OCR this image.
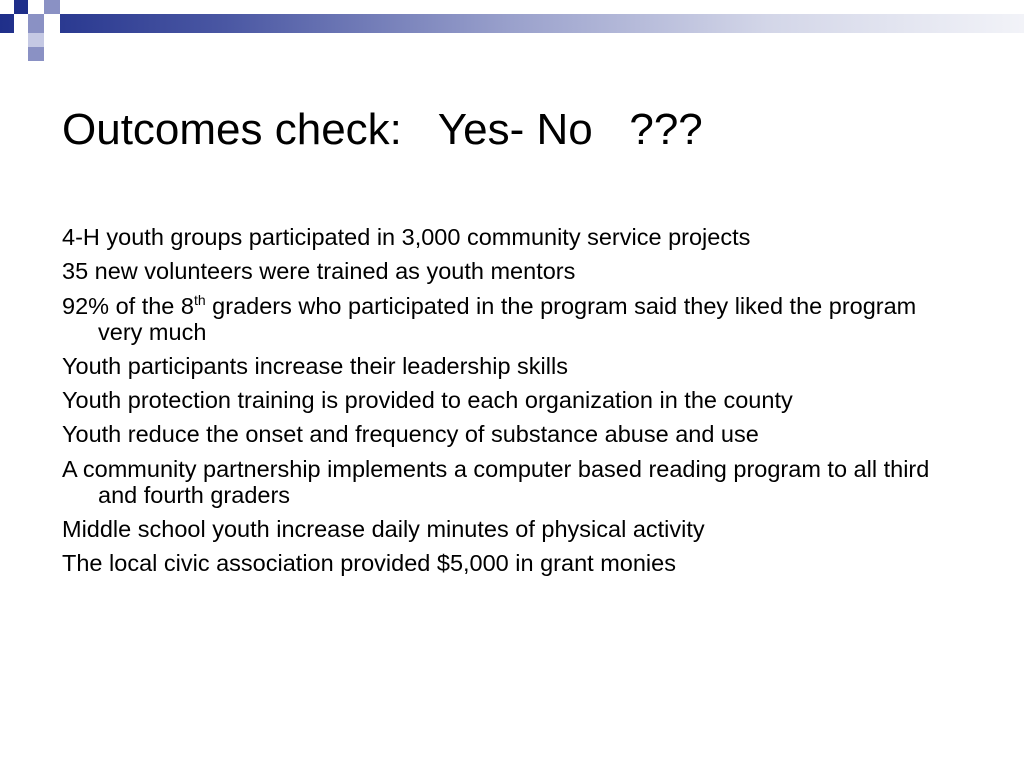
Outcomes check:   Yes- No   ???
4-H youth groups participated in 3,000 community service projects
35 new volunteers were trained as youth mentors
92% of the 8th graders who participated in the program said they liked the program very much
Youth participants increase their leadership skills
Youth protection training is provided to each organization in the county
Youth reduce the onset and frequency of substance abuse and use
A community partnership implements a computer based reading program to all third and fourth graders
Middle school youth increase daily minutes of physical activity
The local civic association provided $5,000 in grant monies
